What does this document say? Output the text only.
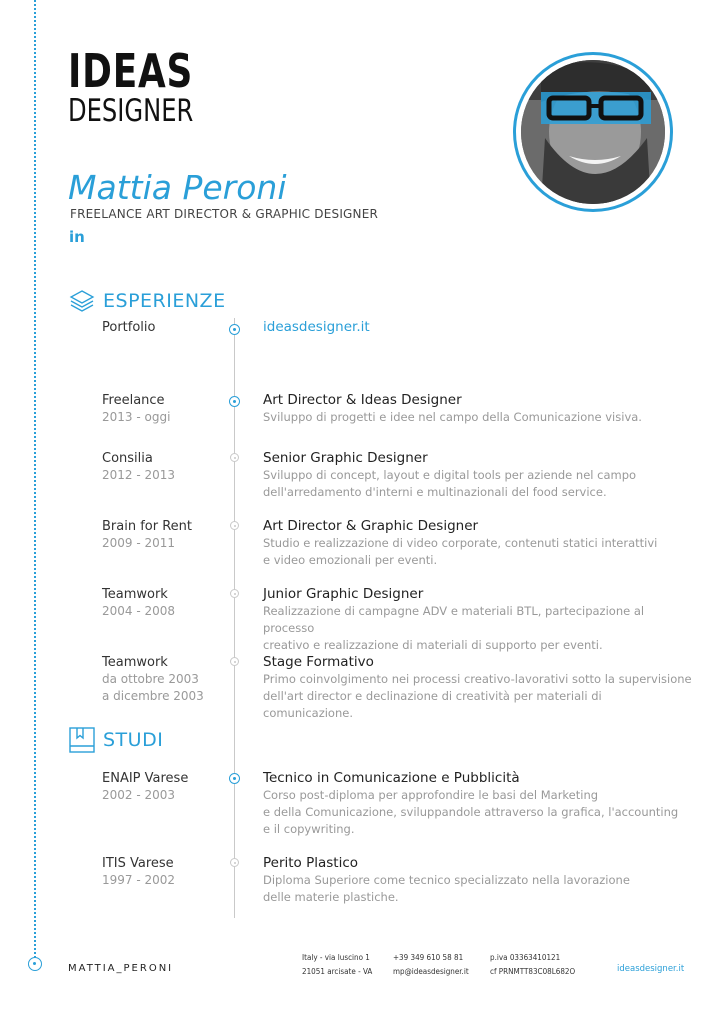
IDEAS
DESIGNER
Mattia Peroni
FREELANCE ART DIRECTOR & GRAPHIC DESIGNER
in
ESPERIENZE
Portfolio	ideasdesigner.it
Freelance
2013 - oggi
Art Director & Ideas Designer
Sviluppo di progetti e idee nel campo della Comunicazione visiva.
Consilia
2012 - 2013
Senior Graphic Designer
Sviluppo di concept, layout e digital tools per aziende nel campo
dell'arredamento d'interni e multinazionali del food service.
Brain for Rent
2009 - 2011
Art Director & Graphic Designer
Studio e realizzazione di video corporate, contenuti statici interattivi
e video emozionali per eventi.
Teamwork
2004 - 2008
Junior Graphic Designer
Realizzazione di campagne ADV e materiali BTL, partecipazione al processo
creativo e realizzazione di materiali di supporto per eventi.
Teamwork
da ottobre 2003
a dicembre 2003
Stage Formativo
Primo coinvolgimento nei processi creativo-lavorativi sotto la supervisione
dell'art director e declinazione di creatività per materiali di comunicazione.
STUDI
ENAIP Varese
2002 - 2003
Tecnico in Comunicazione e Pubblicità
Corso post-diploma per approfondire le basi del Marketing
e della Comunicazione, sviluppandole attraverso la grafica, l'accounting
e il copywriting.
ITIS Varese
1997 - 2002
Perito Plastico
Diploma Superiore come tecnico specializzato nella lavorazione
delle materie plastiche.
MATTIA_PERONI
Italy - via luscino 1
21051 arcisate - VA
+39 349 610 58 81
mp@ideasdesigner.it
p.iva 03363410121
cf PRNMTT83C08L682O	ideasdesigner.it
